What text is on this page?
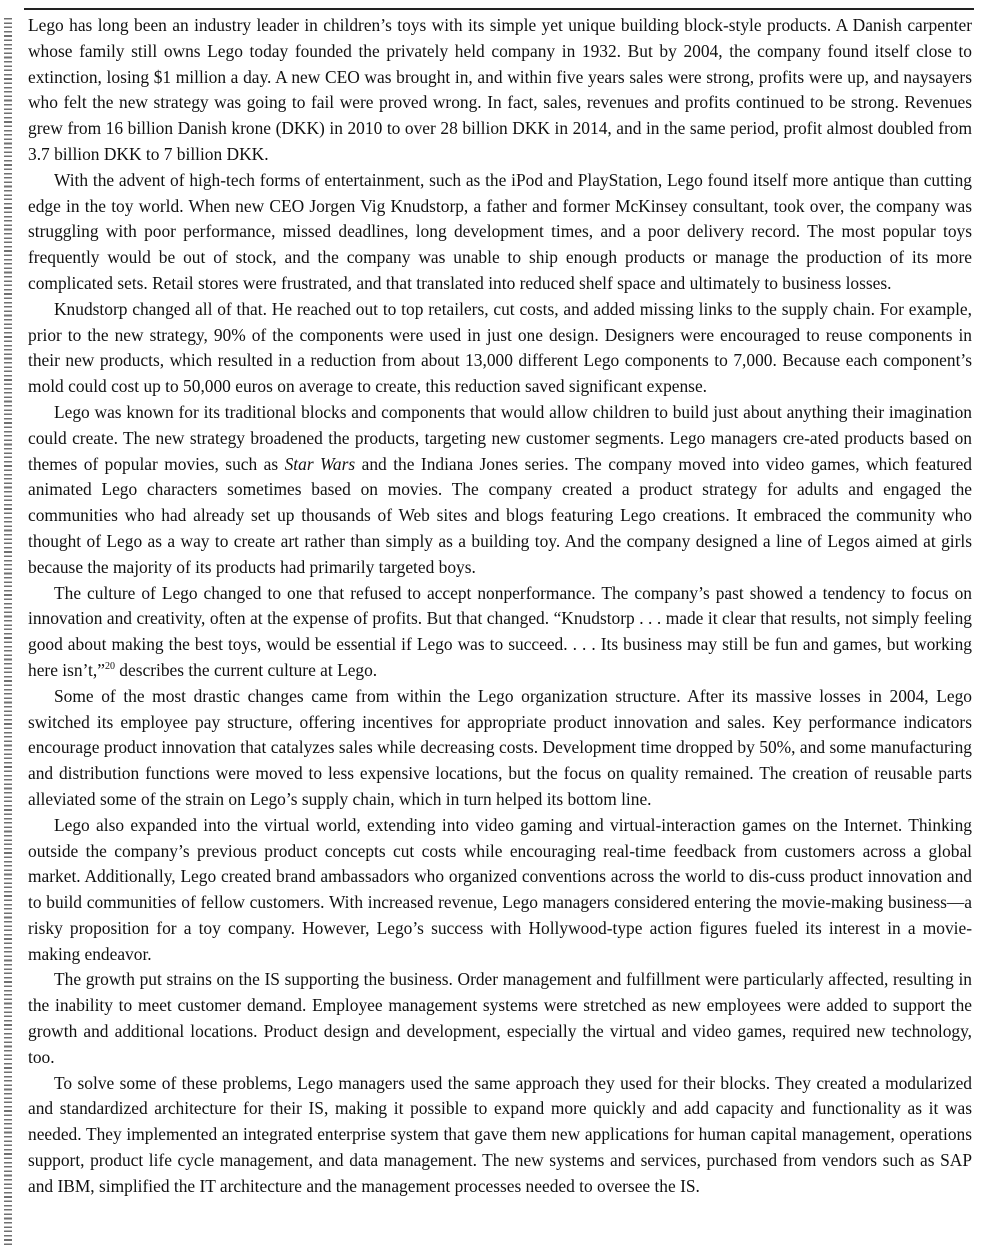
Lego has long been an industry leader in children’s toys with its simple yet unique building block-style products. A Danish carpenter whose family still owns Lego today founded the privately held company in 1932. But by 2004, the company found itself close to extinction, losing $1 million a day. A new CEO was brought in, and within five years sales were strong, profits were up, and naysayers who felt the new strategy was going to fail were proved wrong. In fact, sales, revenues and profits continued to be strong. Revenues grew from 16 billion Danish krone (DKK) in 2010 to over 28 billion DKK in 2014, and in the same period, profit almost doubled from 3.7 billion DKK to 7 billion DKK.

With the advent of high-tech forms of entertainment, such as the iPod and PlayStation, Lego found itself more antique than cutting edge in the toy world. When new CEO Jorgen Vig Knudstorp, a father and former McKinsey consultant, took over, the company was struggling with poor performance, missed deadlines, long development times, and a poor delivery record. The most popular toys frequently would be out of stock, and the company was unable to ship enough products or manage the production of its more complicated sets. Retail stores were frustrated, and that translated into reduced shelf space and ultimately to business losses.

Knudstorp changed all of that. He reached out to top retailers, cut costs, and added missing links to the supply chain. For example, prior to the new strategy, 90% of the components were used in just one design. Designers were encouraged to reuse components in their new products, which resulted in a reduction from about 13,000 different Lego components to 7,000. Because each component’s mold could cost up to 50,000 euros on average to create, this reduction saved significant expense.

Lego was known for its traditional blocks and components that would allow children to build just about anything their imagination could create. The new strategy broadened the products, targeting new customer segments. Lego managers cre-ated products based on themes of popular movies, such as Star Wars and the Indiana Jones series. The company moved into video games, which featured animated Lego characters sometimes based on movies. The company created a product strategy for adults and engaged the communities who had already set up thousands of Web sites and blogs featuring Lego creations. It embraced the community who thought of Lego as a way to create art rather than simply as a building toy. And the company designed a line of Legos aimed at girls because the majority of its products had primarily targeted boys.

The culture of Lego changed to one that refused to accept nonperformance. The company’s past showed a tendency to focus on innovation and creativity, often at the expense of profits. But that changed. “Knudstorp . . . made it clear that results, not simply feeling good about making the best toys, would be essential if Lego was to succeed. . . . Its business may still be fun and games, but working here isn’t,”$^{20}$ describes the current culture at Lego.

Some of the most drastic changes came from within the Lego organization structure. After its massive losses in 2004, Lego switched its employee pay structure, offering incentives for appropriate product innovation and sales. Key performance indicators encourage product innovation that catalyzes sales while decreasing costs. Development time dropped by 50%, and some manufacturing and distribution functions were moved to less expensive locations, but the focus on quality remained. The creation of reusable parts alleviated some of the strain on Lego’s supply chain, which in turn helped its bottom line.

Lego also expanded into the virtual world, extending into video gaming and virtual-interaction games on the Internet. Thinking outside the company’s previous product concepts cut costs while encouraging real-time feedback from customers across a global market. Additionally, Lego created brand ambassadors who organized conventions across the world to dis-cuss product innovation and to build communities of fellow customers. With increased revenue, Lego managers considered entering the movie-making business—a risky proposition for a toy company. However, Lego’s success with Hollywood-type action figures fueled its interest in a movie-making endeavor.

The growth put strains on the IS supporting the business. Order management and fulfillment were particularly affected, resulting in the inability to meet customer demand. Employee management systems were stretched as new employees were added to support the growth and additional locations. Product design and development, especially the virtual and video games, required new technology, too.

To solve some of these problems, Lego managers used the same approach they used for their blocks. They created a modularized and standardized architecture for their IS, making it possible to expand more quickly and add capacity and functionality as it was needed. They implemented an integrated enterprise system that gave them new applications for human capital management, operations support, product life cycle management, and data management. The new systems and services, purchased from vendors such as SAP and IBM, simplified the IT architecture and the management processes needed to oversee the IS.
